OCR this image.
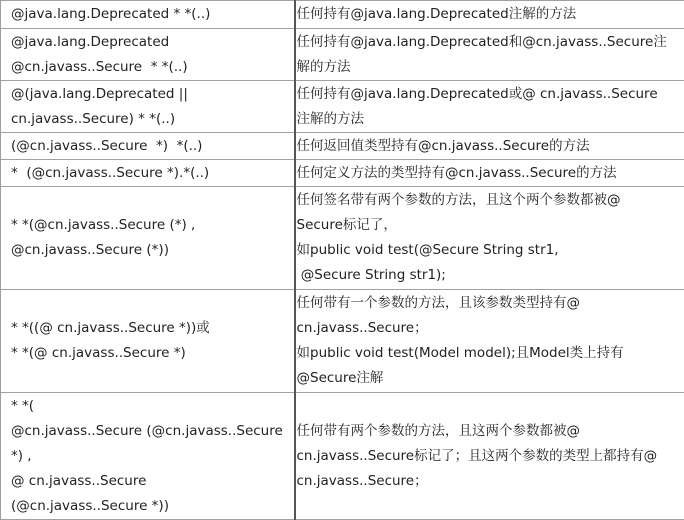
@java.lang.Deprecated * *(..)	任何持有@java.lang.Deprecated注解的方法

@java.lang.Deprecated
@cn.javass..Secure  * *(..)	任何持有@java.lang.Deprecated和@cn.javass..Secure注
解的方法

@(java.lang.Deprecated ||
cn.javass..Secure) * *(..)	任何持有@java.lang.Deprecated或@ cn.javass..Secure
注解的方法

(@cn.javass..Secure  *)  *(..)	任何返回值类型持有@cn.javass..Secure的方法

*  (@cn.javass..Secure *).*(..)	任何定义方法的类型持有@cn.javass..Secure的方法

* *(@cn.javass..Secure (*) ,
@cn.javass..Secure (*))	任何签名带有两个参数的方法，且这个两个参数都被@
Secure标记了，
如public void test(@Secure String str1,
@Secure String str1);

* *((@ cn.javass..Secure *))或
* *(@ cn.javass..Secure *)	任何带有一个参数的方法，且该参数类型持有@
cn.javass..Secure；
如public void test(Model model);且Model类上持有
@Secure注解

* *(
@cn.javass..Secure (@cn.javass..Secure
*) ,
@ cn.javass..Secure
(@cn.javass..Secure *))	任何带有两个参数的方法，且这两个参数都被@
cn.javass..Secure标记了；且这两个参数的类型上都持有@
cn.javass..Secure；
